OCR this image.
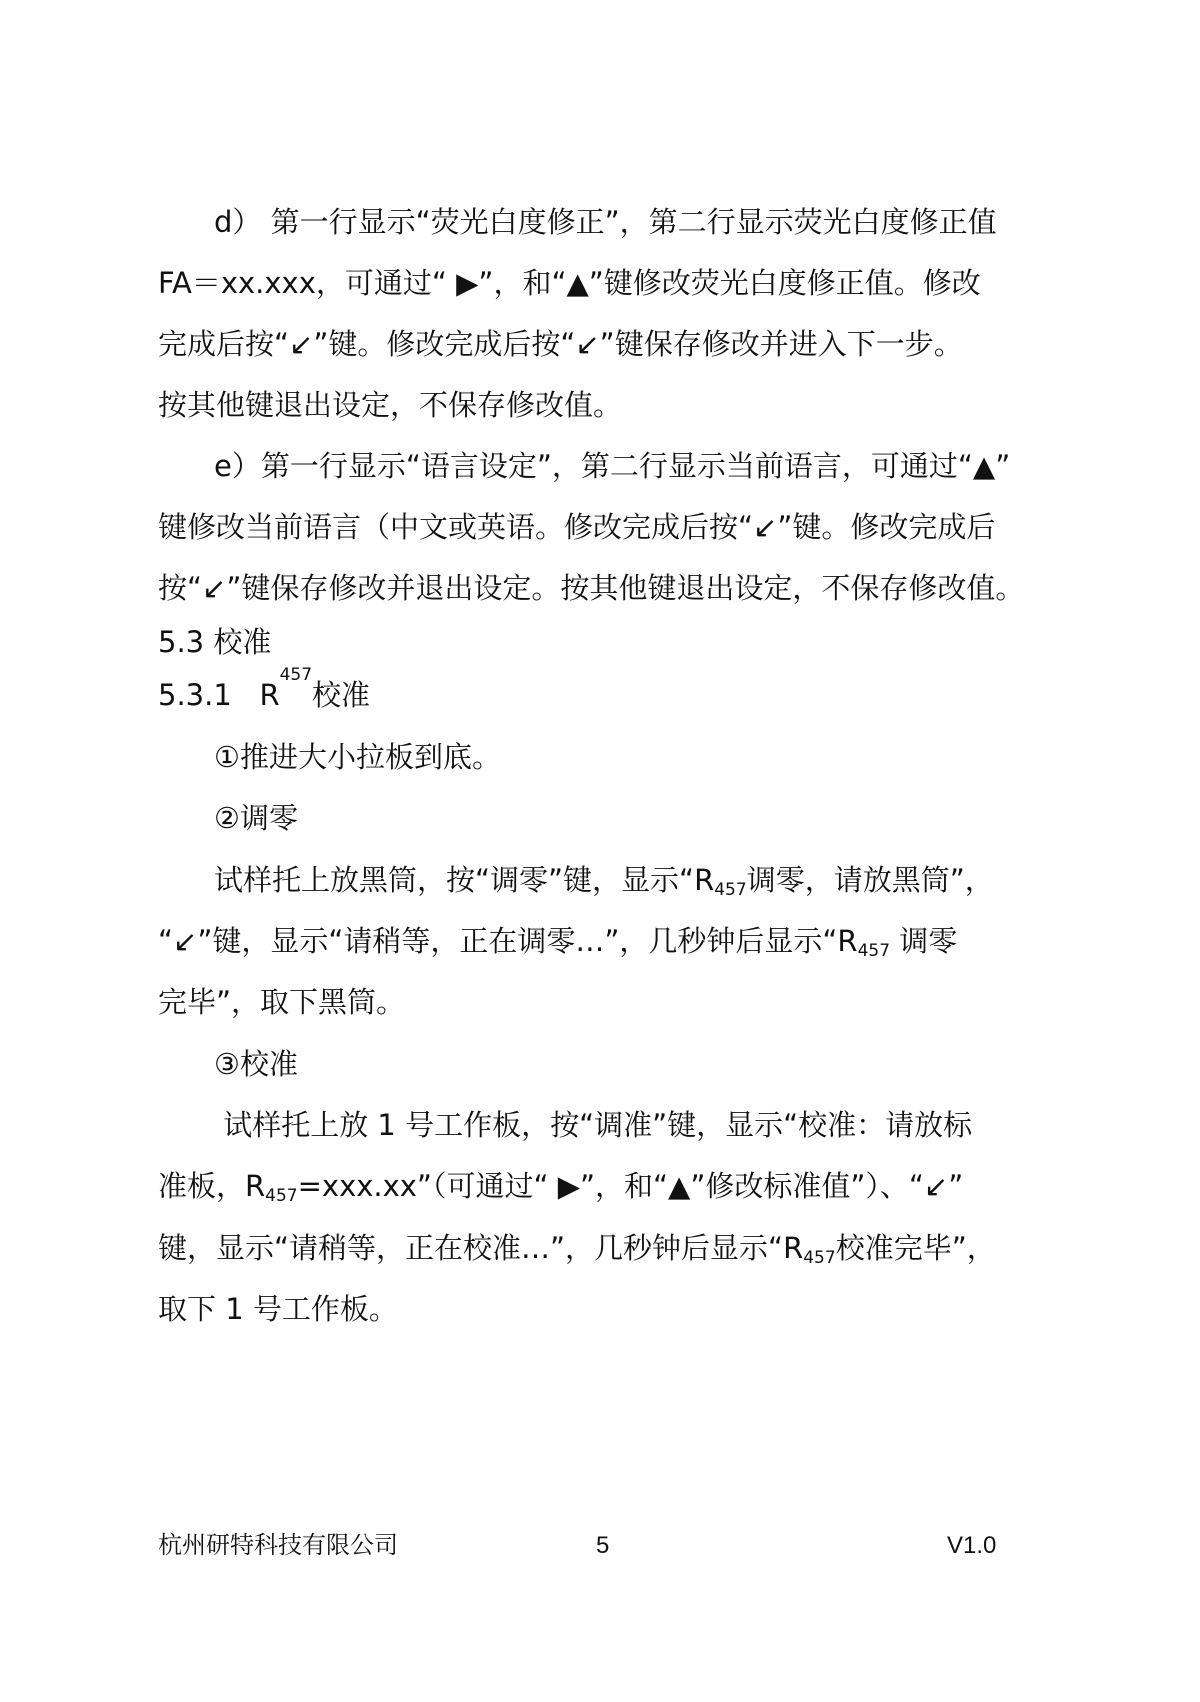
d） 第一行显示“荧光白度修正”，第二行显示荧光白度修正值
FA＝xx.xxx，可通过“ ▶”，和“▲”键修改荧光白度修正值。修改
完成后按“↙”键。修改完成后按“↙”键保存修改并进入下一步。
按其他键退出设定，不保存修改值。
e）第一行显示“语言设定”，第二行显示当前语言，可通过“▲”
键修改当前语言（中文或英语。修改完成后按“↙”键。修改完成后
按“↙”键保存修改并退出设定。按其他键退出设定，不保存修改值。
5.3 校准
5.3.1   R
457
校准
①推进大小拉板到底。
②调零
试样托上放黑筒，按“调零”键，显示“$R_{457}$调零，请放黑筒”，
“↙”键，显示“请稍等，正在调零…”，几秒钟后显示“$R_{457}$ 调零
完毕”，取下黑筒。
③校准
试样托上放 1 号工作板，按“调准”键，显示“校准：请放标
准板，$R_{457}=xxx.xx$”（可通过“ ▶”，和“▲”修改标准值”）、“↙”
键，显示“请稍等，正在校准…”，几秒钟后显示“$R_{457}$校准完毕”，
取下 1 号工作板。
杭州研特科技有限公司	5	V1.0
